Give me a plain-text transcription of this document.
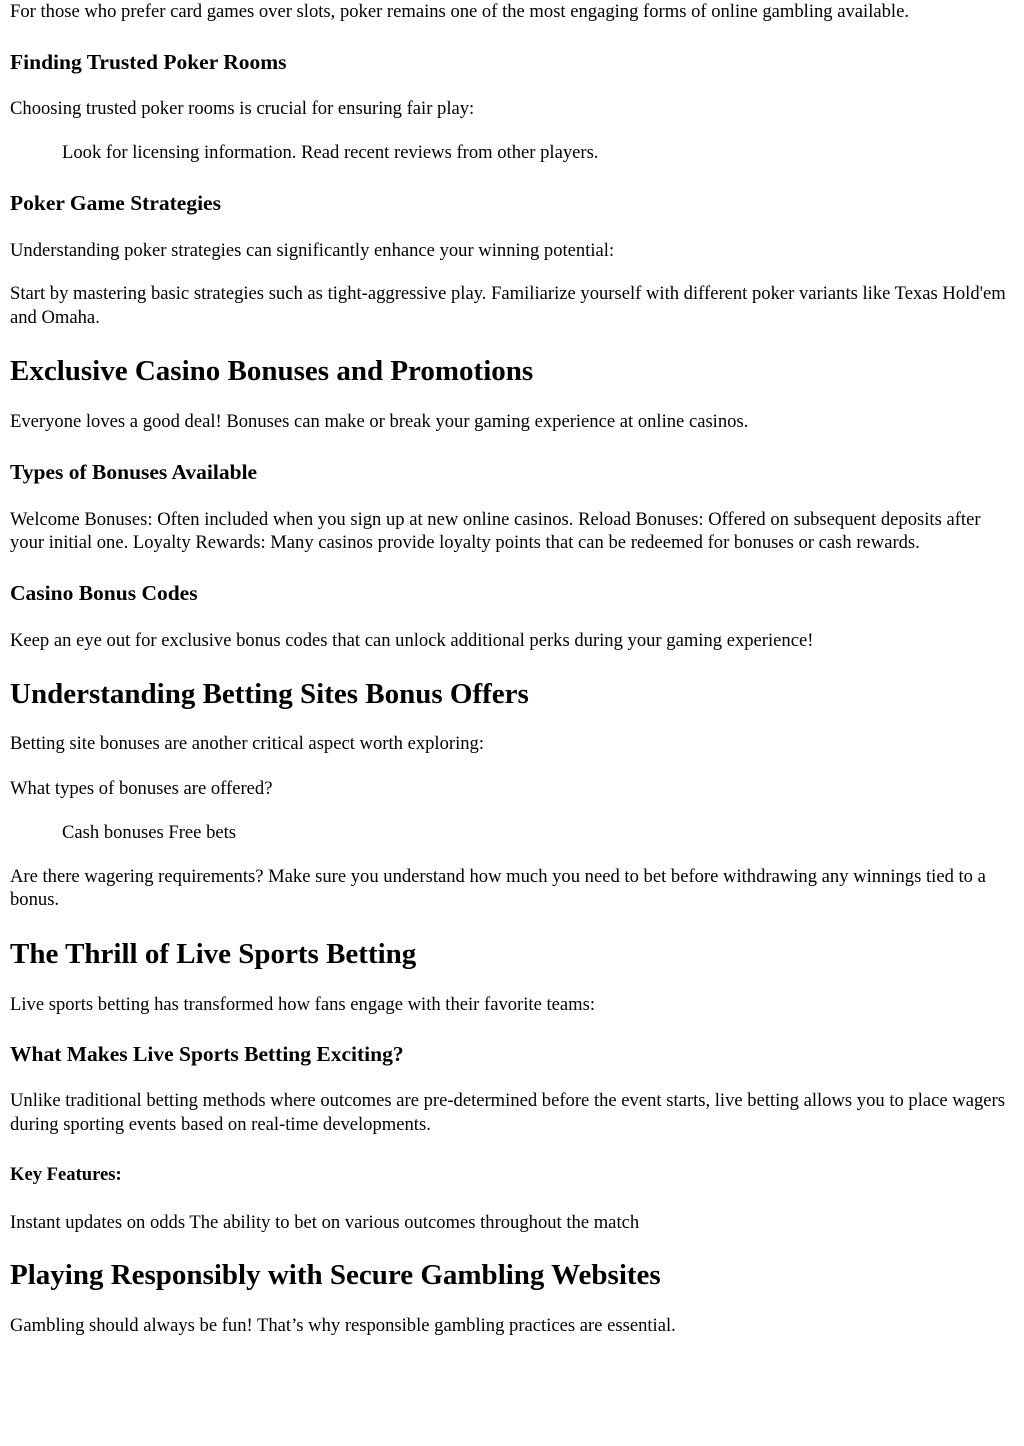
For those who prefer card games over slots, poker remains one of the most engaging forms of online gambling available.

Finding Trusted Poker Rooms

Choosing trusted poker rooms is crucial for ensuring fair play:

Look for licensing information. Read recent reviews from other players.

Poker Game Strategies

Understanding poker strategies can significantly enhance your winning potential:

Start by mastering basic strategies such as tight-aggressive play. Familiarize yourself with different poker variants like Texas Hold'em and Omaha.

Exclusive Casino Bonuses and Promotions

Everyone loves a good deal! Bonuses can make or break your gaming experience at online casinos.

Types of Bonuses Available

Welcome Bonuses: Often included when you sign up at new online casinos. Reload Bonuses: Offered on subsequent deposits after your initial one. Loyalty Rewards: Many casinos provide loyalty points that can be redeemed for bonuses or cash rewards.

Casino Bonus Codes

Keep an eye out for exclusive bonus codes that can unlock additional perks during your gaming experience!

Understanding Betting Sites Bonus Offers

Betting site bonuses are another critical aspect worth exploring:

What types of bonuses are offered?

Cash bonuses Free bets

Are there wagering requirements? Make sure you understand how much you need to bet before withdrawing any winnings tied to a bonus.

The Thrill of Live Sports Betting

Live sports betting has transformed how fans engage with their favorite teams:

What Makes Live Sports Betting Exciting?

Unlike traditional betting methods where outcomes are pre-determined before the event starts, live betting allows you to place wagers during sporting events based on real-time developments.

Key Features:

Instant updates on odds The ability to bet on various outcomes throughout the match

Playing Responsibly with Secure Gambling Websites

Gambling should always be fun! That’s why responsible gambling practices are essential.
